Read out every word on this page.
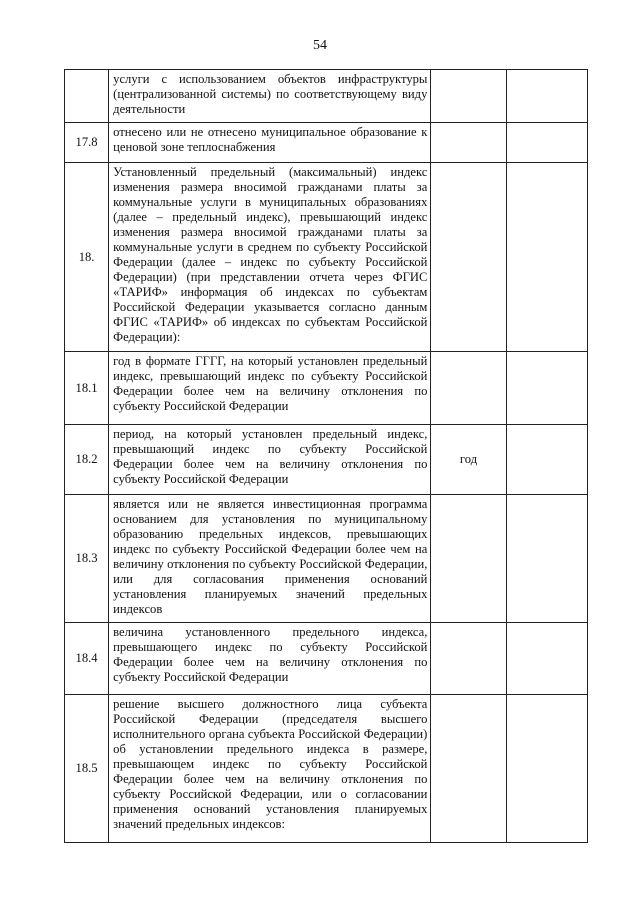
54
	услуги с использованием объектов инфраструктуры (централизованной системы) по соответствующему виду деятельности		
17.8	отнесено или не отнесено муниципальное образование к ценовой зоне теплоснабжения		
18.	Установленный предельный (максимальный) индекс изменения размера вносимой гражданами платы за коммунальные услуги в муниципальных образованиях (далее – предельный индекс), превышающий индекс изменения размера вносимой гражданами платы за коммунальные услуги в среднем по субъекту Российской Федерации (далее – индекс по субъекту Российской Федерации) (при представлении отчета через ФГИС «ТАРИФ» информация об индексах по субъектам Российской Федерации указывается согласно данным ФГИС «ТАРИФ» об индексах по субъектам Российской Федерации):		
18.1	год в формате ГГГГ, на который установлен предельный индекс, превышающий индекс по субъекту Российской Федерации более чем на величину отклонения по субъекту Российской Федерации		
18.2	период, на который установлен предельный индекс, превышающий индекс по субъекту Российской Федерации более чем на величину отклонения по субъекту Российской Федерации	год	
18.3	является или не является инвестиционная программа основанием для установления по муниципальному образованию предельных индексов, превышающих индекс по субъекту Российской Федерации более чем на величину отклонения по субъекту Российской Федерации, или для согласования применения оснований установления планируемых значений предельных индексов		
18.4	величина установленного предельного индекса, превышающего индекс по субъекту Российской Федерации более чем на величину отклонения по субъекту Российской Федерации		
18.5	решение высшего должностного лица субъекта Российской Федерации (председателя высшего исполнительного органа субъекта Российской Федерации) об установлении предельного индекса в размере, превышающем индекс по субъекту Российской Федерации более чем на величину отклонения по субъекту Российской Федерации, или о согласовании применения оснований установления планируемых значений предельных индексов:		
